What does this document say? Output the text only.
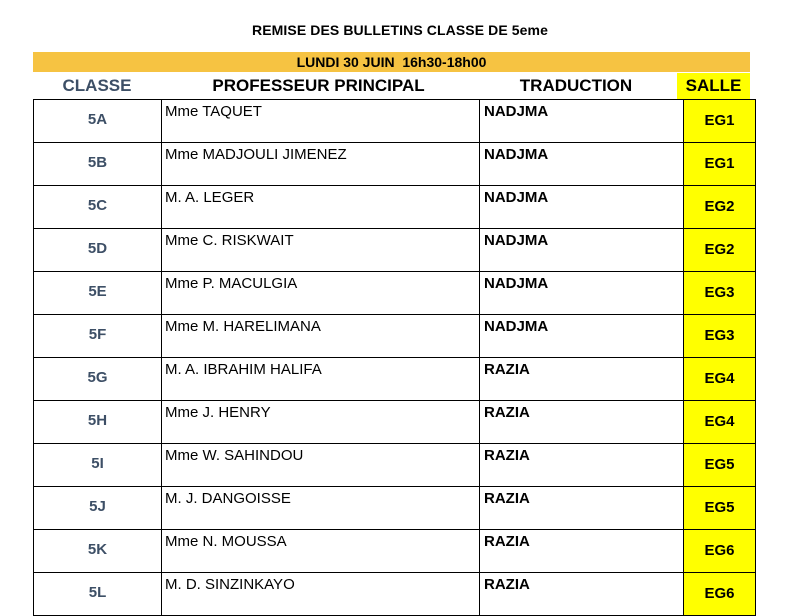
REMISE DES BULLETINS CLASSE DE 5eme
LUNDI 30 JUIN  16h30-18h00
CLASSE	PROFESSEUR PRINCIPAL	TRADUCTION	SALLE
5A	Mme TAQUET	NADJMA	EG1
5B	Mme MADJOULI JIMENEZ	NADJMA	EG1
5C	M. A. LEGER	NADJMA	EG2
5D	Mme C. RISKWAIT	NADJMA	EG2
5E	Mme P. MACULGIA	NADJMA	EG3
5F	Mme M. HARELIMANA	NADJMA	EG3
5G	M. A. IBRAHIM HALIFA	RAZIA	EG4
5H	Mme J. HENRY	RAZIA	EG4
5I	Mme W. SAHINDOU	RAZIA	EG5
5J	M. J. DANGOISSE	RAZIA	EG5
5K	Mme N. MOUSSA	RAZIA	EG6
5L	M. D. SINZINKAYO	RAZIA	EG6
